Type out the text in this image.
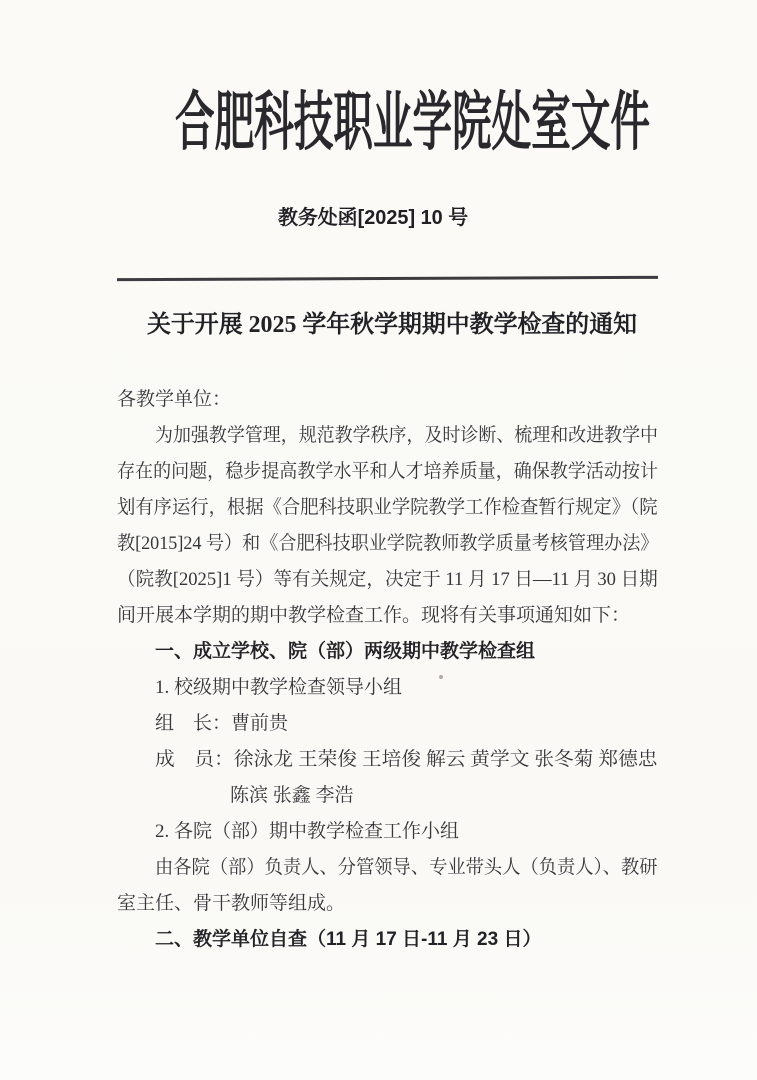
合肥科技职业学院处室文件
教务处函[2025] 10 号
关于开展 2025 学年秋学期期中教学检查的通知
各教学单位：
为加强教学管理，规范教学秩序，及时诊断、梳理和改进教学中
存在的问题，稳步提高教学水平和人才培养质量，确保教学活动按计
划有序运行，根据《合肥科技职业学院教学工作检查暂行规定》（院
教[2015]24 号）和《合肥科技职业学院教师教学质量考核管理办法》
（院教[2025]1 号）等有关规定，决定于 11 月 17 日—11 月 30 日期
间开展本学期的期中教学检查工作。现将有关事项通知如下：
一、成立学校、院（部）两级期中教学检查组
1. 校级期中教学检查领导小组
组　长：曹前贵
成　员：徐泳龙 王荣俊 王培俊 解云 黄学文 张冬菊 郑德忠
陈滨 张鑫 李浩
2. 各院（部）期中教学检查工作小组
由各院（部）负责人、分管领导、专业带头人（负责人）、教研
室主任、骨干教师等组成。
二、教学单位自查（11 月 17 日-11 月 23 日）
